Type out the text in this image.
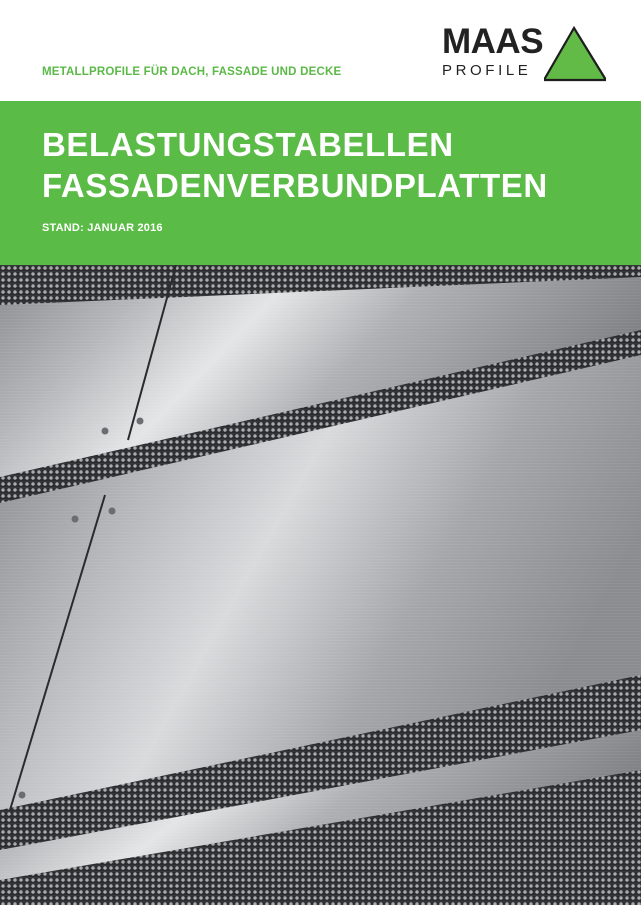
METALLPROFILE FÜR DACH, FASSADE UND DECKE
MAAS
PROFILE
BELASTUNGSTABELLEN
FASSADENVERBUNDPLATTEN
STAND: JANUAR 2016
